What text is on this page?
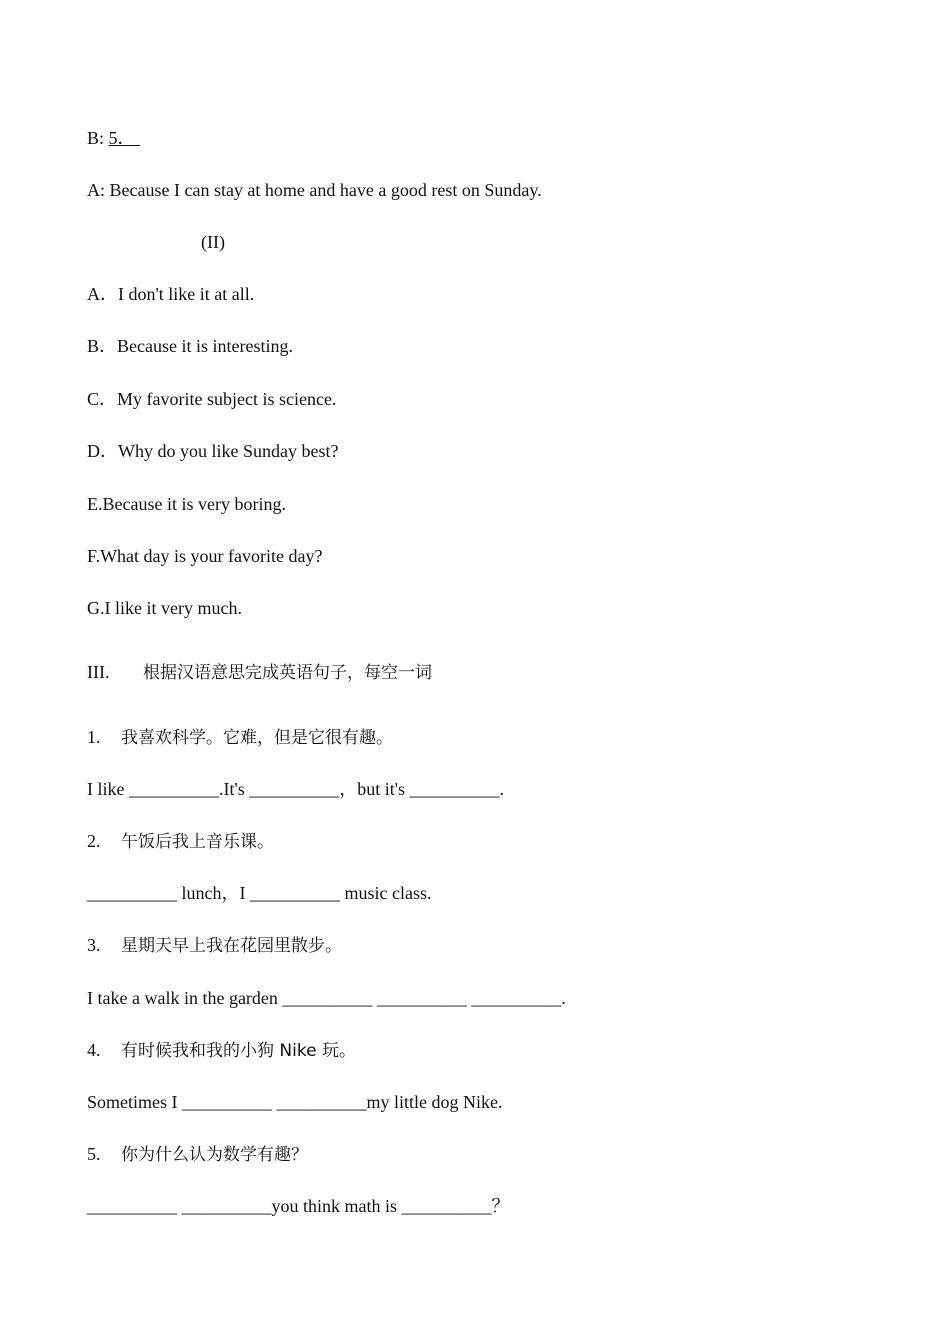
B: 5．
A: Because I can stay at home and have a good rest on Sunday.
(II)
A．I don't like it at all.
B．Because it is interesting.
C．My favorite subject is science.
D．Why do you like Sunday best?
E.Because it is very boring.
F.What day is your favorite day?
G.I like it very much.
III. 根据汉语意思完成英语句子，每空一词
1. 我喜欢科学。它难，但是它很有趣。
I like __________.It's __________，but it's __________.
2. 午饭后我上音乐课。
__________ lunch，I __________ music class.
3. 星期天早上我在花园里散步。
I take a walk in the garden __________ __________ __________.
4. 有时候我和我的小狗 Nike 玩。
Sometimes I __________ __________my little dog Nike.
5. 你为什么认为数学有趣？
__________ __________you think math is __________？
